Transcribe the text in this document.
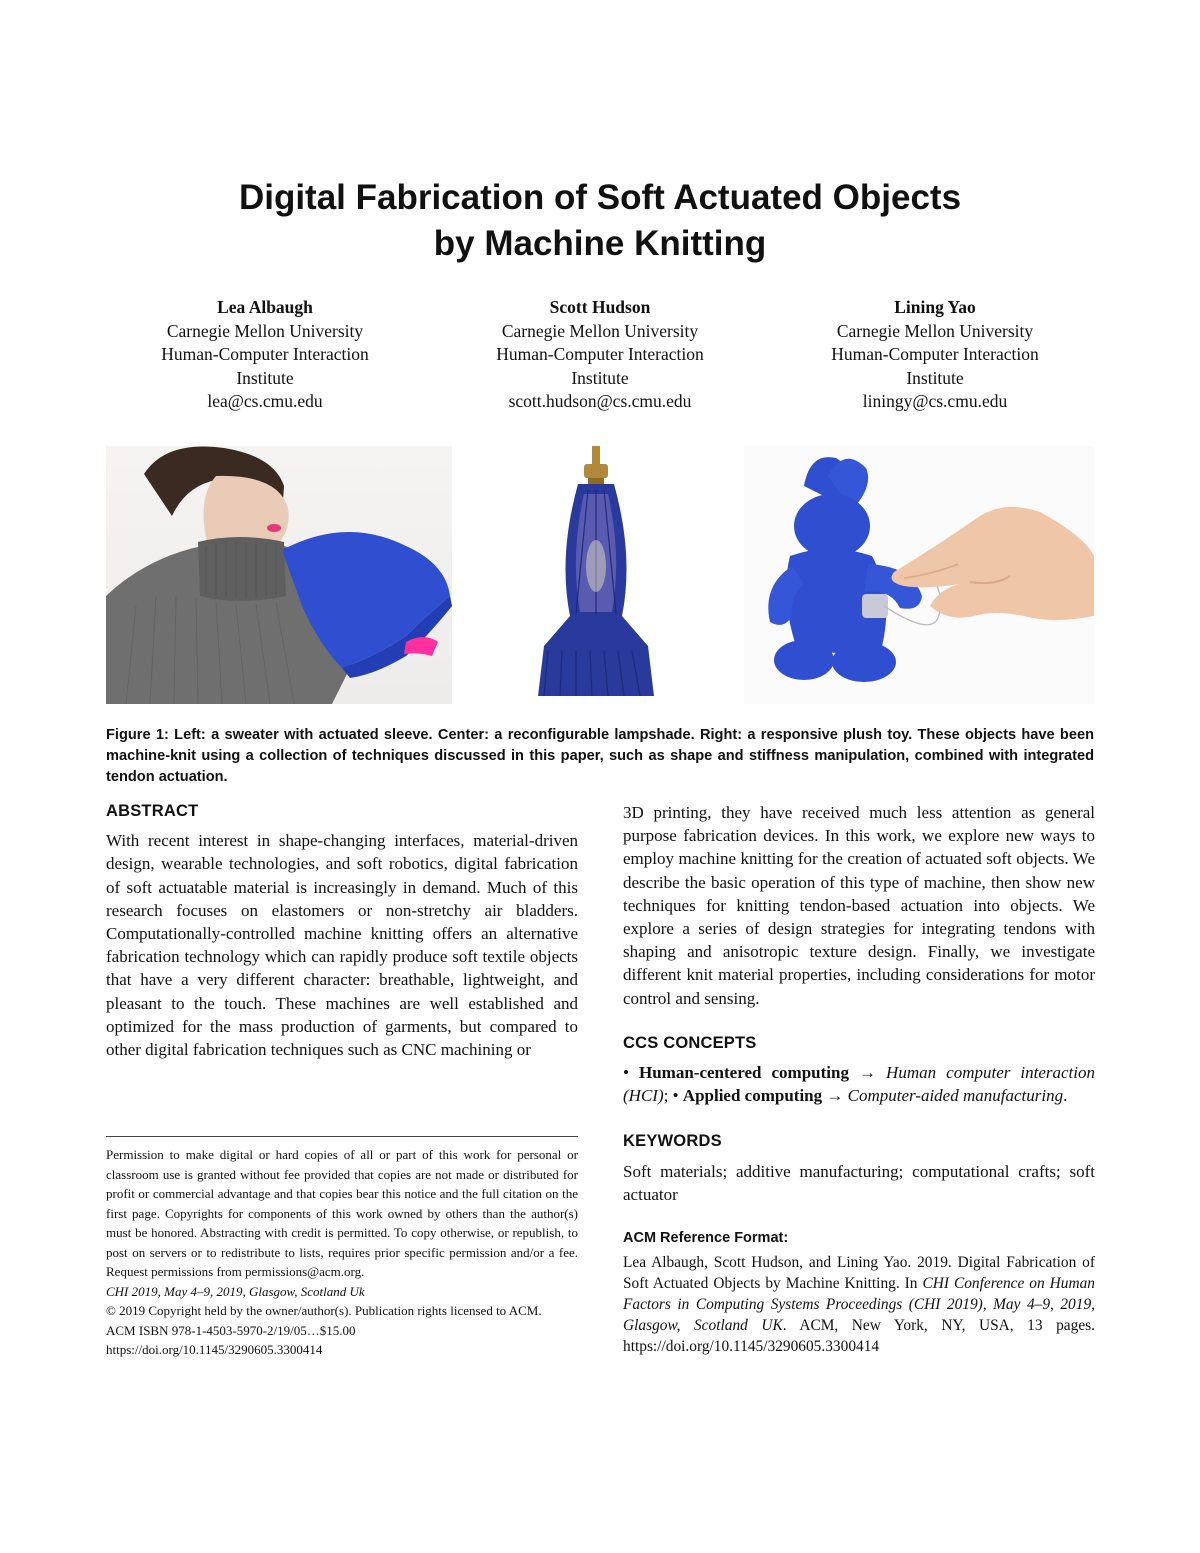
Digital Fabrication of Soft Actuated Objects
by Machine Knitting
Lea Albaugh
Carnegie Mellon University
Human-Computer Interaction
Institute
lea@cs.cmu.edu
Scott Hudson
Carnegie Mellon University
Human-Computer Interaction
Institute
scott.hudson@cs.cmu.edu
Lining Yao
Carnegie Mellon University
Human-Computer Interaction
Institute
liningy@cs.cmu.edu
Figure 1: Left: a sweater with actuated sleeve. Center: a reconfigurable lampshade. Right: a responsive plush toy. These objects have been machine-knit using a collection of techniques discussed in this paper, such as shape and stiffness manipulation, combined with integrated tendon actuation.
ABSTRACT

With recent interest in shape-changing interfaces, material-driven design, wearable technologies, and soft robotics, digital fabrication of soft actuatable material is increasingly in demand. Much of this research focuses on elastomers or non-stretchy air bladders. Computationally-controlled machine knitting offers an alternative fabrication technology which can rapidly produce soft textile objects that have a very different character: breathable, lightweight, and pleasant to the touch. These machines are well established and optimized for the mass production of garments, but compared to other digital fabrication techniques such as CNC machining or

Permission to make digital or hard copies of all or part of this work for personal or classroom use is granted without fee provided that copies are not made or distributed for profit or commercial advantage and that copies bear this notice and the full citation on the first page. Copyrights for components of this work owned by others than the author(s) must be honored. Abstracting with credit is permitted. To copy otherwise, or republish, to post on servers or to redistribute to lists, requires prior specific permission and/or a fee. Request permissions from permissions@acm.org.

CHI 2019, May 4–9, 2019, Glasgow, Scotland Uk

© 2019 Copyright held by the owner/author(s). Publication rights licensed to ACM.

ACM ISBN 978-1-4503-5970-2/19/05…$15.00

https://doi.org/10.1145/3290605.3300414

3D printing, they have received much less attention as general purpose fabrication devices. In this work, we explore new ways to employ machine knitting for the creation of actuated soft objects. We describe the basic operation of this type of machine, then show new techniques for knitting tendon-based actuation into objects. We explore a series of design strategies for integrating tendons with shaping and anisotropic texture design. Finally, we investigate different knit material properties, including considerations for motor control and sensing.

CCS CONCEPTS

• Human-centered computing → Human computer interaction (HCI); • Applied computing → Computer-aided manufacturing.

KEYWORDS

Soft materials; additive manufacturing; computational crafts; soft actuator

ACM Reference Format:

Lea Albaugh, Scott Hudson, and Lining Yao. 2019. Digital Fabrication of Soft Actuated Objects by Machine Knitting. In CHI Conference on Human Factors in Computing Systems Proceedings (CHI 2019), May 4–9, 2019, Glasgow, Scotland UK. ACM, New York, NY, USA, 13 pages. https://doi.org/10.1145/3290605.3300414
